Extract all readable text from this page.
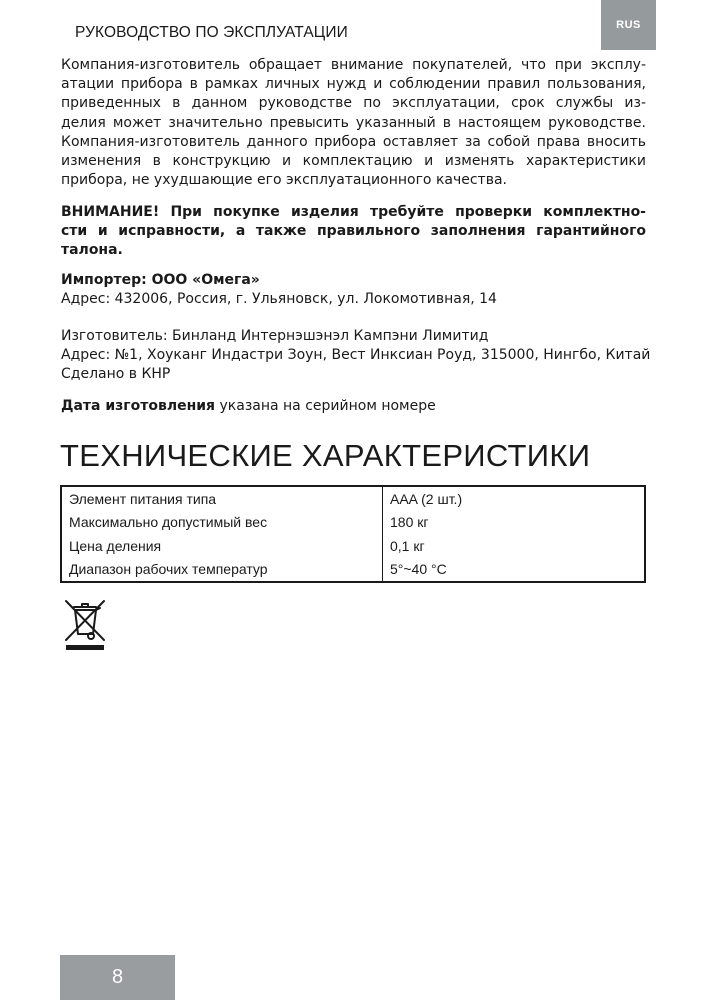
РУКОВОДСТВО ПО ЭКСПЛУАТАЦИИ	RUS

Компания-изготовитель обращает внимание покупателей, что при эксплу-
атации прибора в рамках личных нужд и соблюдении правил пользования,
приведенных в данном руководстве по эксплуатации, срок службы из-
делия может значительно превысить указанный в настоящем руководстве.
Компания-изготовитель данного прибора оставляет за собой права вносить
изменения в конструкцию и комплектацию и изменять характеристики
прибора, не ухудшающие его эксплуатационного качества.

ВНИМАНИЕ! При покупке изделия требуйте проверки комплектно-
сти и исправности, а также правильного заполнения гарантийного
талона.

Импортер: ООО «Омега»
Адрес: 432006, Россия, г. Ульяновск, ул. Локомотивная, 14

Изготовитель: Бинланд Интернэшэнэл Кампэни Лимитид
Адрес: №1, Хоуканг Индастри Зоун, Вест Инксиан Роуд, 315000, Нингбо, Китай
Сделано в КНР

Дата изготовления указана на серийном номере

ТЕХНИЧЕСКИЕ ХАРАКТЕРИСТИКИ
Элемент питания типа	AAA (2 шт.)
Максимально допустимый вес	180 кг
Цена деления	0,1 кг
Диапазон рабочих температур	5°~40 °C
8
